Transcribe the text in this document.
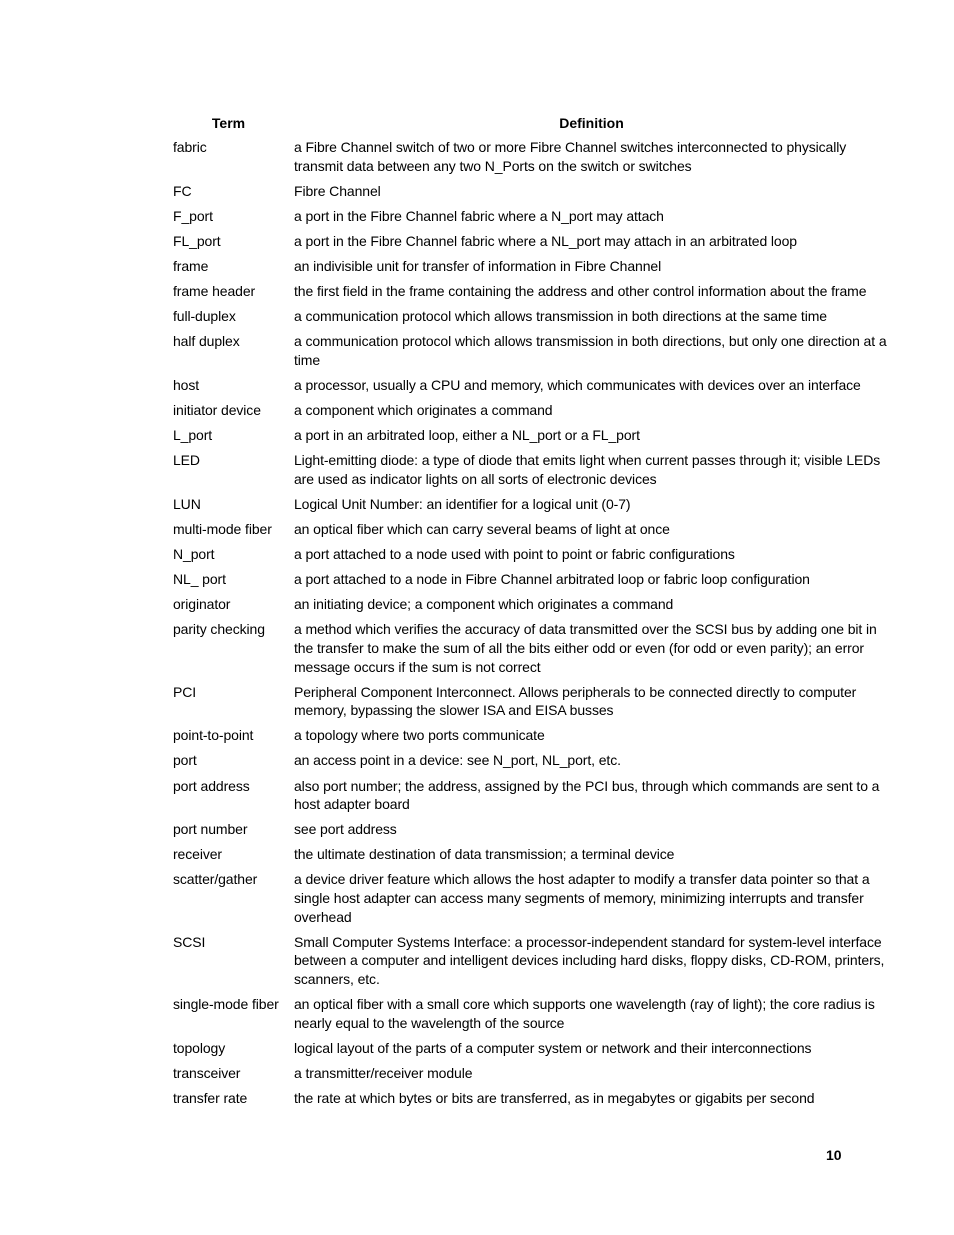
Term	Definition
fabric	a Fibre Channel switch of two or more Fibre Channel switches interconnected to physically transmit data between any two N_Ports on the switch or switches
FC	Fibre Channel
F_port	a port in the Fibre Channel fabric where a N_port may attach
FL_port	a port in the Fibre Channel fabric where a NL_port may attach in an arbitrated loop
frame	an indivisible unit for transfer of information in Fibre Channel
frame header	the first field in the frame containing the address and other control information about the frame
full-duplex	a communication protocol which allows transmission in both directions at the same time
half duplex	a communication protocol which allows transmission in both directions, but only one direction at a time
host	a processor, usually a CPU and memory, which communicates with devices over an interface
initiator device	a component which originates a command
L_port	a port in an arbitrated loop, either a NL_port or a FL_port
LED	Light-emitting diode: a type of diode that emits light when current passes through it; visible LEDs are used as indicator lights on all sorts of electronic devices
LUN	Logical Unit Number: an identifier for a logical unit (0-7)
multi-mode fiber	an optical fiber which can carry several beams of light at once
N_port	a port attached to a node used with point to point or fabric configurations
NL_ port	a port attached to a node in Fibre Channel arbitrated loop or fabric loop configuration
originator	an initiating device; a component which originates a command
parity checking	a method which verifies the accuracy of data transmitted over the SCSI bus by adding one bit in the transfer to make the sum of all the bits either odd or even (for odd or even parity); an error message occurs if the sum is not correct
PCI	Peripheral Component Interconnect. Allows peripherals to be connected directly to computer memory, bypassing the slower ISA and EISA busses
point-to-point	a topology where two ports communicate
port	an access point in a device: see N_port, NL_port, etc.
port address	also port number; the address, assigned by the PCI bus, through which commands are sent to a host adapter board
port number	see port address
receiver	the ultimate destination of data transmission; a terminal device
scatter/gather	a device driver feature which allows the host adapter to modify a transfer data pointer so that a single host adapter can access many segments of memory, minimizing interrupts and transfer overhead
SCSI	Small Computer Systems Interface: a processor-independent standard for system-level interface between a computer and intelligent devices including hard disks, floppy disks, CD-ROM, printers, scanners, etc.
single-mode fiber	an optical fiber with a small core which supports one wavelength (ray of light); the core radius is nearly equal to the wavelength of the source
topology	logical layout of the parts of a computer system or network and their interconnections
transceiver	a transmitter/receiver module
transfer rate	the rate at which bytes or bits are transferred, as in megabytes or gigabits per second
10
